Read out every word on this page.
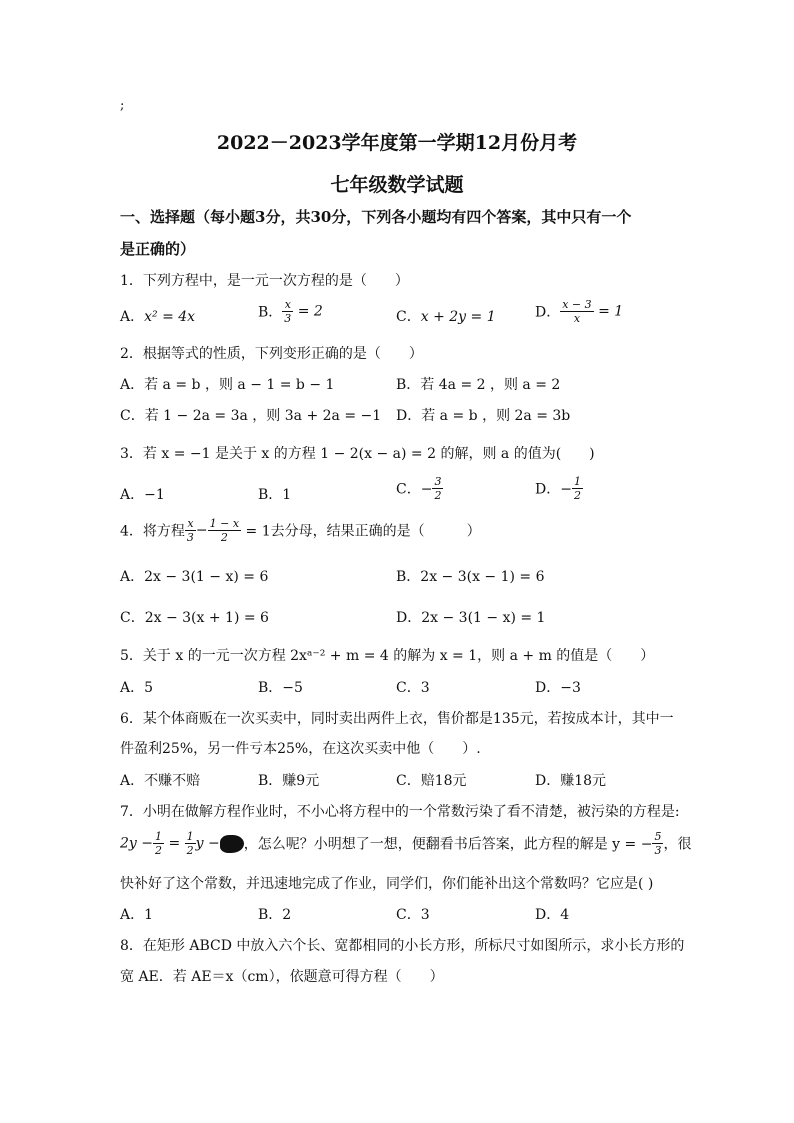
;
2022－2023学年度第一学期12月份月考
七年级数学试题
一、选择题（每小题3分，共30分，下列各小题均有四个答案，其中只有一个
是正确的）
1．下列方程中，是一元一次方程的是（　　）
A．x² = 4x	B． $\frac{x}{3} = 2$	C．x + 2y = 1	D． $\frac{x - 3}{x} = 1$
2．根据等式的性质，下列变形正确的是（　　）
A．若 a = b ，则 a − 1 = b − 1	B．若 4a = 2 ，则 a = 2
C．若 1 − 2a = 3a ，则 3a + 2a = −1 D．若 a = b ，则 2a = 3b
3．若 x = −1 是关于 x 的方程 1 − 2(x − a) = 2 的解，则 a 的值为(　　)
A．−1	B．1	C．− $\frac{3}{2}$	D．− $\frac{1}{2}$
4．将方程 $\frac{x}{3} - \frac{1 - x}{2} = 1$去分母，结果正确的是（　　　）
A．2x − 3(1 − x) = 6	B．2x − 3(x − 1) = 6
C．2x − 3(x + 1) = 6	D．2x − 3(1 − x) = 1
5．关于 x 的一元一次方程 2xᵃ⁻² + m = 4 的解为 x = 1，则 a + m 的值是（　　）
A．5	B．−5	C．3	D．−3
6．某个体商贩在一次买卖中，同时卖出两件上衣，售价都是135元，若按成本计，其中一
件盈利25%，另一件亏本25%，在这次买卖中他（　　）.
A．不赚不赔	B．赚9元	C．赔18元	D．赚18元
7．小明在做解方程作业时，不小心将方程中的一个常数污染了看不清楚，被污染的方程是:
$2y - \frac{1}{2} = \frac{1}{2}$ y − ，怎么呢？小明想了一想，便翻看书后答案，此方程的解是 y = − $\frac{5}{3}$ ，很
快补好了这个常数，并迅速地完成了作业，同学们，你们能补出这个常数吗？它应是( )
A．1	B．2	C．3	D．4
8．在矩形 ABCD 中放入六个长、宽都相同的小长方形，所标尺寸如图所示，求小长方形的
宽 AE．若 AE＝x（cm），依题意可得方程（　　）
